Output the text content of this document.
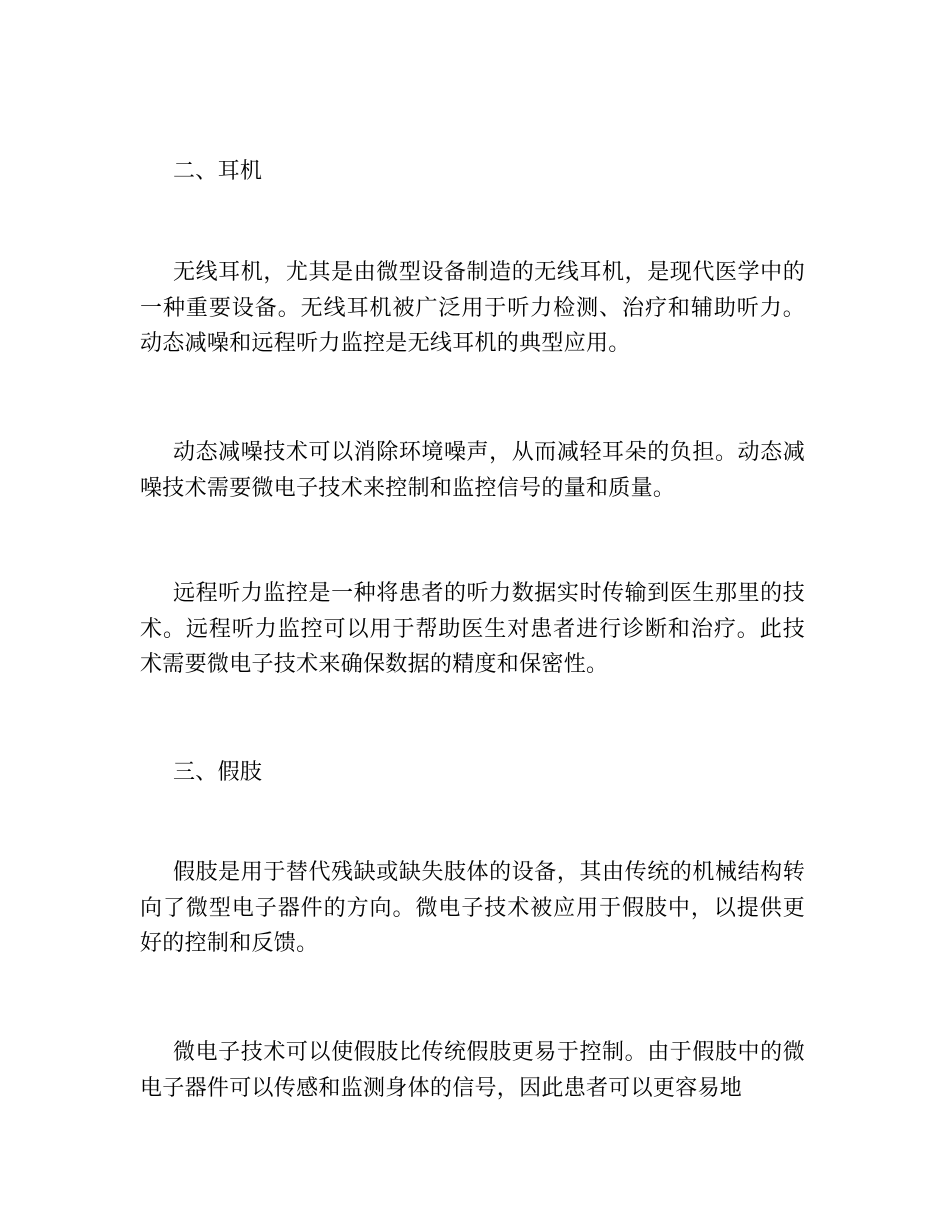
二、耳机

无线耳机，尤其是由微型设备制造的无线耳机，是现代医学中的一种重要设备。无线耳机被广泛用于听力检测、治疗和辅助听力。动态减噪和远程听力监控是无线耳机的典型应用。

动态减噪技术可以消除环境噪声，从而减轻耳朵的负担。动态减噪技术需要微电子技术来控制和监控信号的量和质量。

远程听力监控是一种将患者的听力数据实时传输到医生那里的技术。远程听力监控可以用于帮助医生对患者进行诊断和治疗。此技术需要微电子技术来确保数据的精度和保密性。

三、假肢

假肢是用于替代残缺或缺失肢体的设备，其由传统的机械结构转向了微型电子器件的方向。微电子技术被应用于假肢中，以提供更好的控制和反馈。

微电子技术可以使假肢比传统假肢更易于控制。由于假肢中的微电子器件可以传感和监测身体的信号，因此患者可以更容易地
